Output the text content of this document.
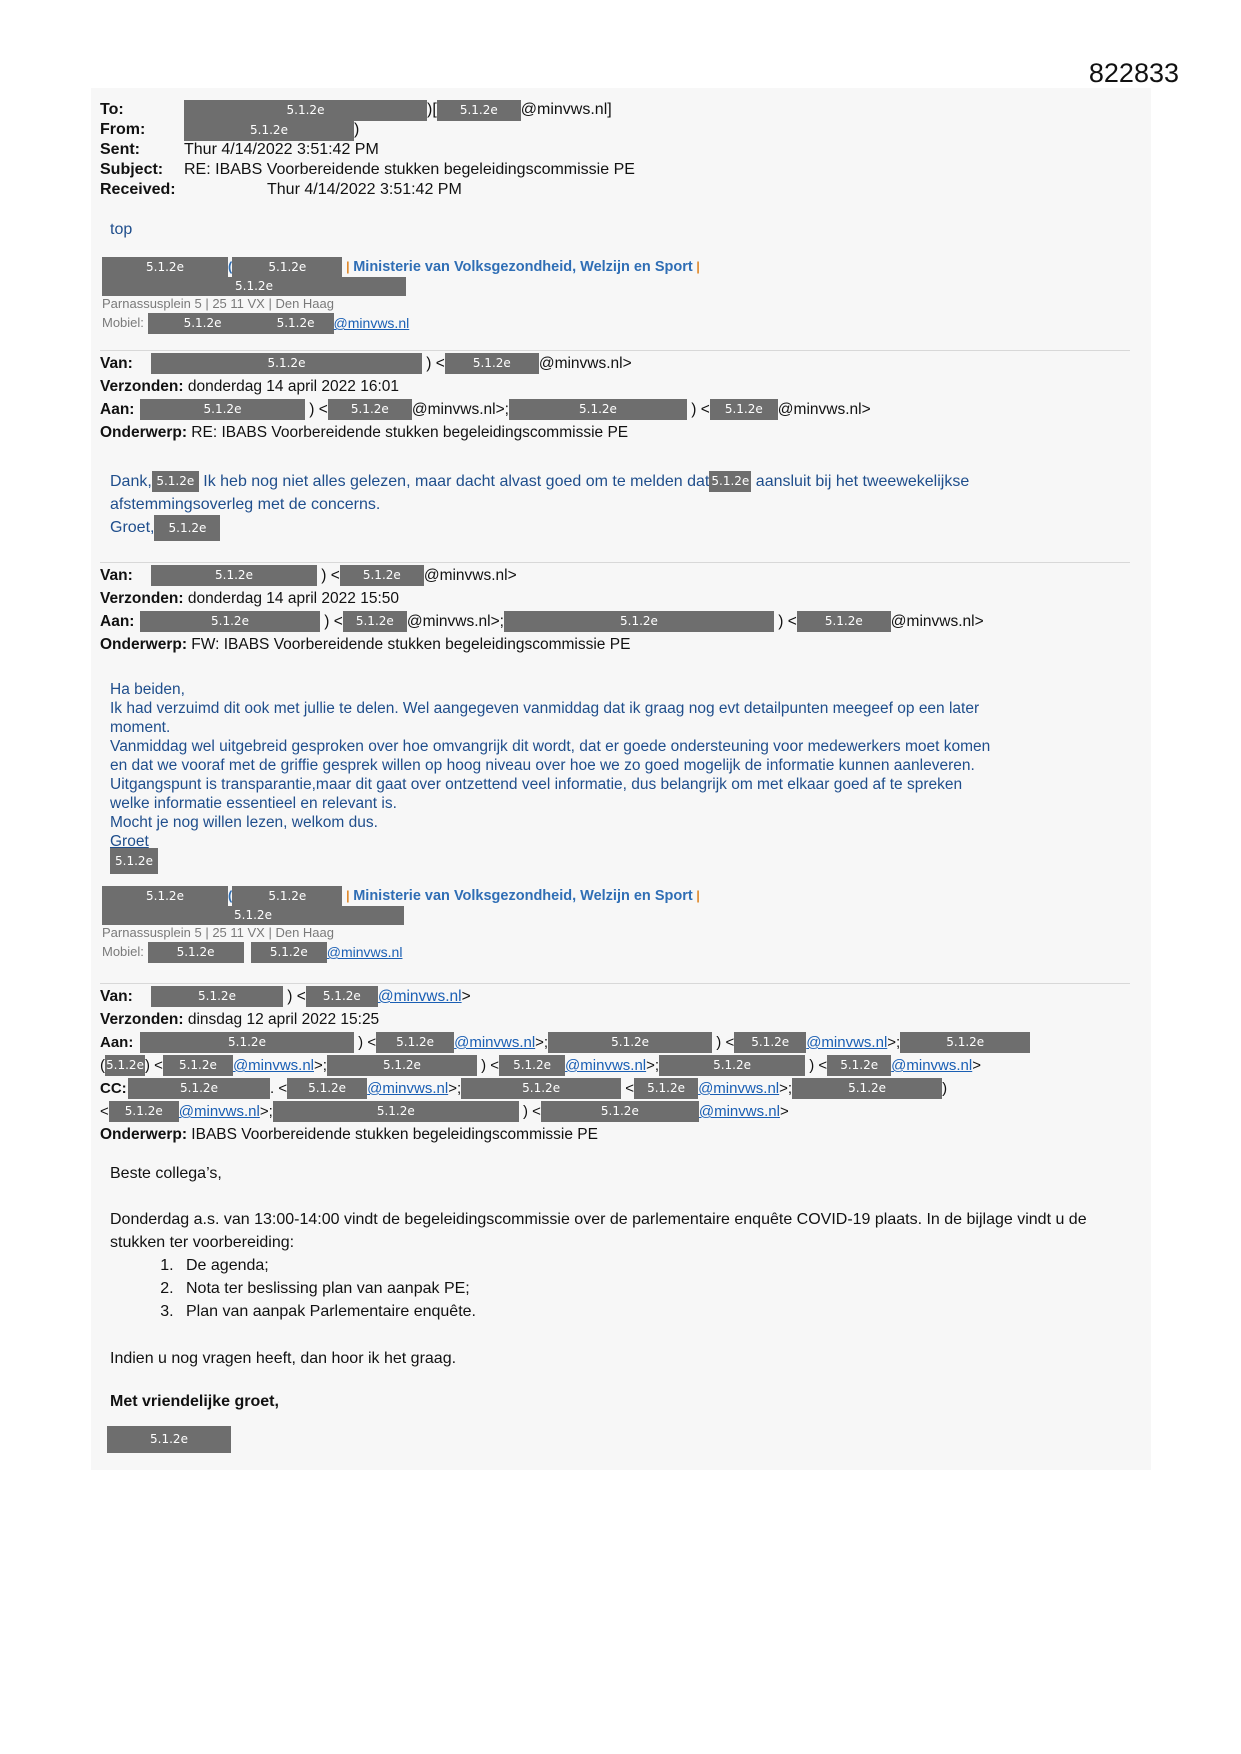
822833
To:	5.1.2e	)[	5.1.2e	@minvws.nl]
From:	5.1.2e	)
Sent:	Thur 4/14/2022 3:51:42 PM
Subject:	RE: IBABS Voorbereidende stukken begeleidingscommissie PE
Received:	Thur 4/14/2022 3:51:42 PM
top
5.1.2e	(	5.1.2e	| Ministerie van Volksgezondheid, Welzijn en Sport |
5.1.2e
Parnassusplein 5 | 25 11 VX | Den Haag
Mobiel:
	5.1.2e	5.1.2e	@minvws.nl
Van:	5.1.2e	) <	5.1.2e	@minvws.nl >
Verzonden:
donderdag 14 april 2022 16:01
Aan:	5.1.2e	) <	5.1.2e	@minvws.nl >;	5.1.2e	) <	5.1.2e @minvws.nl >
Onderwerp:
RE: IBABS Voorbereidende stukken begeleidingscommissie PE
Dank, 5.1.2e
Ik heb nog niet alles gelezen, maar dacht alvast goed om te melden dat 5.1.2e
aansluit bij het tweewekelijkse
afstemmingsoverleg met de concerns.
Groet,	5.1.2e
Van:	5.1.2e	) <	5.1.2e	@minvws.nl >
Verzonden:
donderdag 14 april 2022 15:50
Aan:	5.1.2e	) <	5.1.2e @minvws.nl >;	5.1.2e	) <	5.1.2e	@minvws.nl >
Onderwerp:
FW: IBABS Voorbereidende stukken begeleidingscommissie PE
Ha beiden,
Ik had verzuimd dit ook met jullie te delen. Wel aangegeven vanmiddag dat ik graag nog evt detailpunten meegeef op een later
moment.
Vanmiddag wel uitgebreid gesproken over hoe omvangrijk dit wordt, dat er goede ondersteuning voor medewerkers moet komen
en dat we vooraf met de griffie gesprek willen op hoog niveau over hoe we zo goed mogelijk de informatie kunnen aanleveren.
Uitgangspunt is transparantie,maar dit gaat over ontzettend veel informatie, dus belangrijk om met elkaar goed af te spreken
welke informatie essentieel en relevant is.
Mocht je nog willen lezen, welkom dus.
Groet
5.1.2e
5.1.2e	(	5.1.2e	| Ministerie van Volksgezondheid, Welzijn en Sport |
5.1.2e
Parnassusplein 5 | 25 11 VX | Den Haag
Mobiel:
	5.1.2e
	5.1.2e	@minvws.nl
Van:	5.1.2e	) <	5.1.2e	@minvws.nl >
Verzonden:
dinsdag 12 april 2022 15:25
Aan:	5.1.2e	) <	5.1.2e	@minvws.nl >;	5.1.2e	) <	5.1.2e	@minvws.nl >;	5.1.2e
( 5.1.2e ) <	5.1.2e	@minvws.nl >;	5.1.2e	) <	5.1.2e @minvws.nl >;	5.1.2e	) <	5.1.2e @minvws.nl >
CC:	5.1.2e	. <	5.1.2e	@minvws.nl >;	5.1.2e	<	5.1.2e @minvws.nl >;	5.1.2e	)
<	5.1.2e	@minvws.nl >;	5.1.2e	) <	5.1.2e	@minvws.nl >
Onderwerp:
IBABS Voorbereidende stukken begeleidingscommissie PE
Beste collega’s,
Donderdag a.s. van 13:00-14:00 vindt de begeleidingscommissie over de parlementaire enquête COVID-19 plaats. In de bijlage vindt u de stukken ter voorbereiding:
1. De agenda;
2. Nota ter beslissing plan van aanpak PE;
3. Plan van aanpak Parlementaire enquête.
Indien u nog vragen heeft, dan hoor ik het graag.
Met vriendelijke groet,
5.1.2e
